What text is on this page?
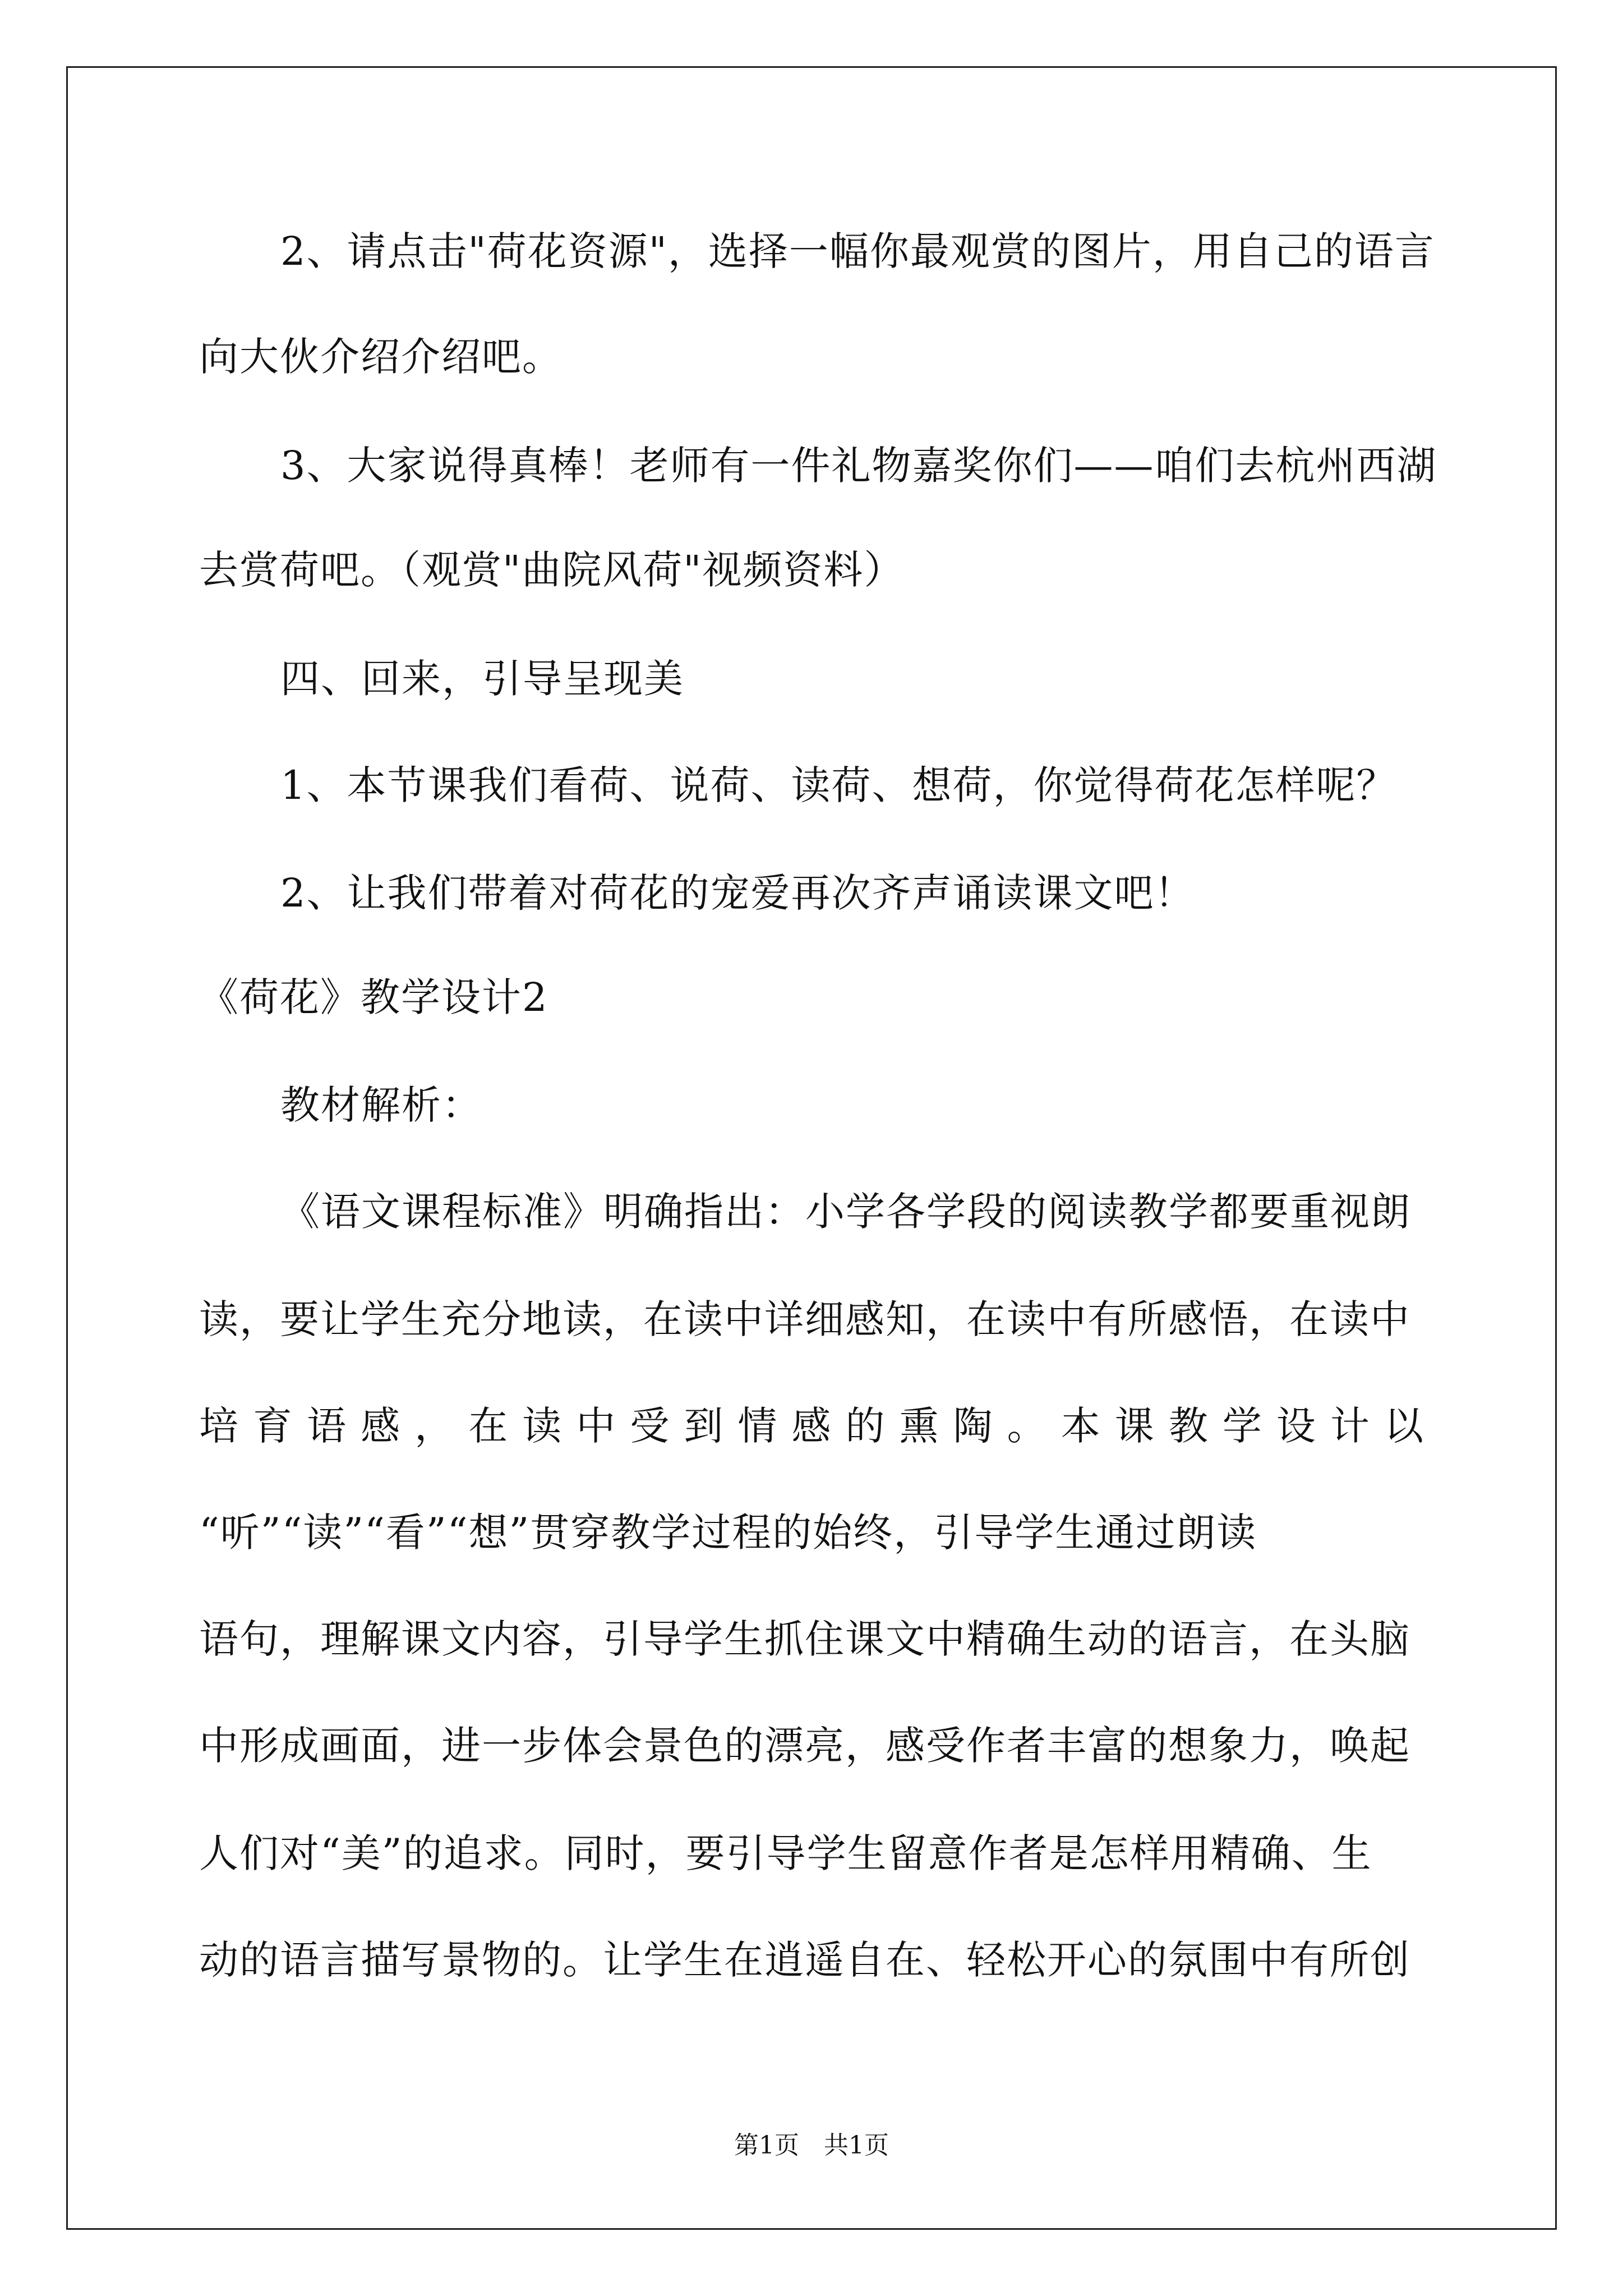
2、请点击"荷花资源"，选择一幅你最观赏的图片，用自己的语言
向大伙介绍介绍吧。
3、大家说得真棒！老师有一件礼物嘉奖你们——咱们去杭州西湖
去赏荷吧。（观赏"曲院风荷"视频资料）
四、回来，引导呈现美
1、本节课我们看荷、说荷、读荷、想荷，你觉得荷花怎样呢？
2、让我们带着对荷花的宠爱再次齐声诵读课文吧！
《荷花》教学设计2
教材解析：
《语文课程标准》明确指出：小学各学段的阅读教学都要重视朗
读，要让学生充分地读，在读中详细感知，在读中有所感悟，在读中
培育语感，在读中受到情感的熏陶。本课教学设计以
“听”“读”“看”“想”贯穿教学过程的始终，引导学生通过朗读
语句，理解课文内容，引导学生抓住课文中精确生动的语言，在头脑
中形成画面，进一步体会景色的漂亮，感受作者丰富的想象力，唤起
人们对“美”的追求。同时，要引导学生留意作者是怎样用精确、生
动的语言描写景物的。让学生在逍遥自在、轻松开心的氛围中有所创
第1页　共1页
